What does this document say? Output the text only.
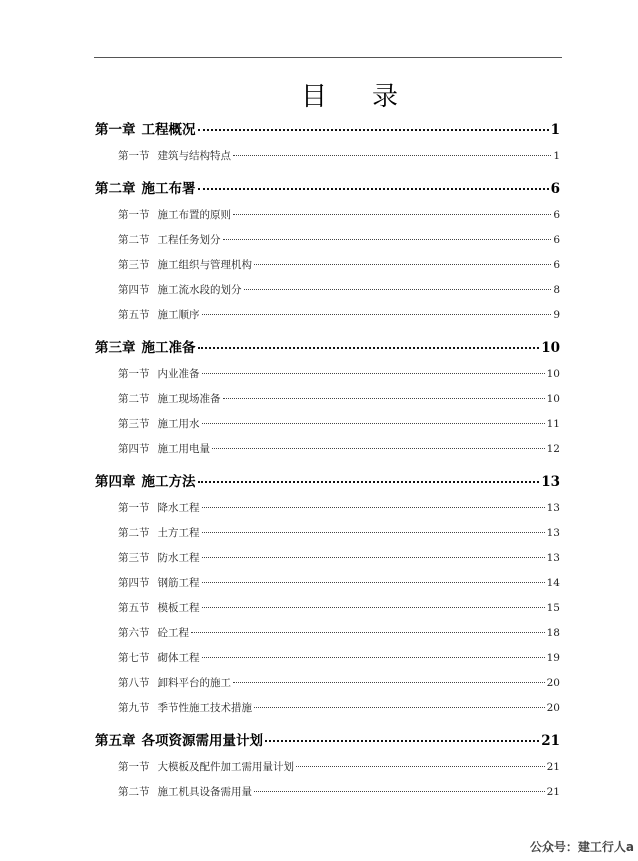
目 录
第一章 工程概况	1
第一节 建筑与结构特点	1
第二章 施工布署	6
第一节 施工布置的原则	6
第二节 工程任务划分	6
第三节 施工组织与管理机构	6
第四节 施工流水段的划分	8
第五节 施工顺序	9
第三章 施工准备	10
第一节 内业准备	10
第二节 施工现场准备	10
第三节 施工用水	11
第四节 施工用电量	12
第四章 施工方法	13
第一节 降水工程	13
第二节 土方工程	13
第三节 防水工程	13
第四节 钢筋工程	14
第五节 模板工程	15
第六节 砼工程	18
第七节 砌体工程	19
第八节 卸料平台的施工	20
第九节 季节性施工技术措施	20
第五章 各项资源需用量计划	21
第一节 大模板及配件加工需用量计划	21
第二节 施工机具设备需用量	21
公众号：建工行人a
